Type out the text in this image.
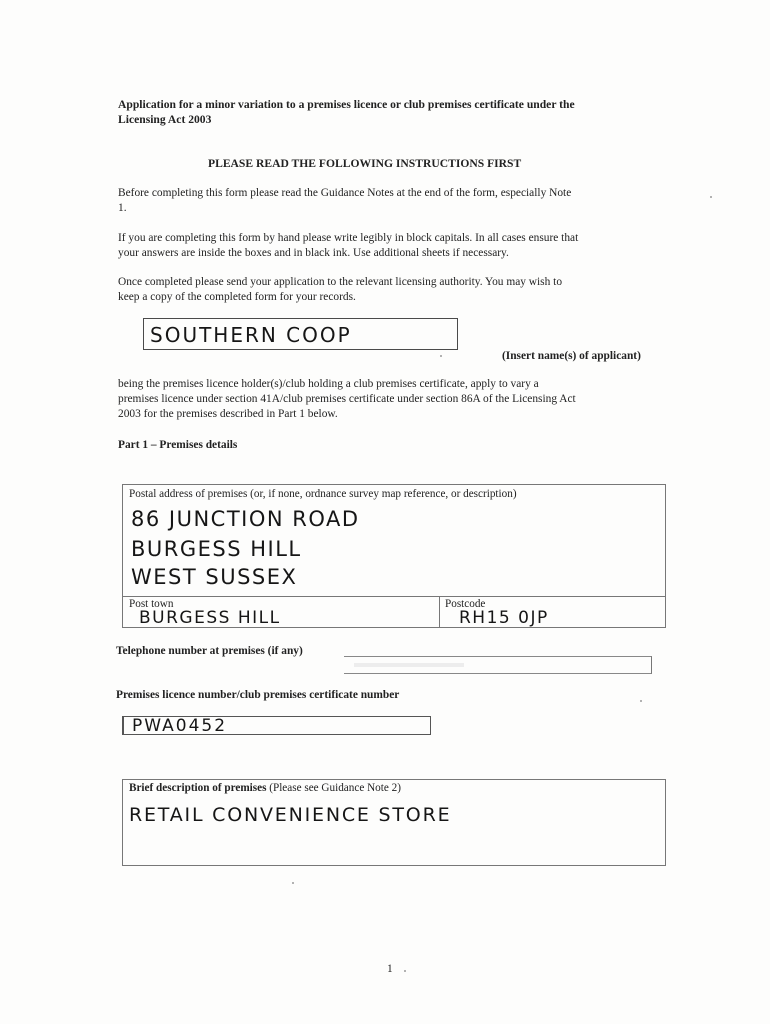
Application for a minor variation to a premises licence or club premises certificate under the
Licensing Act 2003
PLEASE READ THE FOLLOWING INSTRUCTIONS FIRST
Before completing this form please read the Guidance Notes at the end of the form, especially Note
1.
If you are completing this form by hand please write legibly in block capitals. In all cases ensure that
your answers are inside the boxes and in black ink. Use additional sheets if necessary.
Once completed please send your application to the relevant licensing authority. You may wish to
keep a copy of the completed form for your records.
SOUTHERN COOP
(Insert name(s) of applicant)
being the premises licence holder(s)/club holding a club premises certificate, apply to vary a
premises licence under section 41A/club premises certificate under section 86A of the Licensing Act
2003 for the premises described in Part 1 below.
Part 1 – Premises details
Postal address of premises (or, if none, ordnance survey map reference, or description)
86 JUNCTION ROAD
BURGESS HILL
WEST SUSSEX
Post town
BURGESS HILL
Postcode
RH15 0JP
Telephone number at premises (if any)
Premises licence number/club premises certificate number
PWA0452
Brief description of premises (Please see Guidance Note 2)
RETAIL CONVENIENCE STORE
1
